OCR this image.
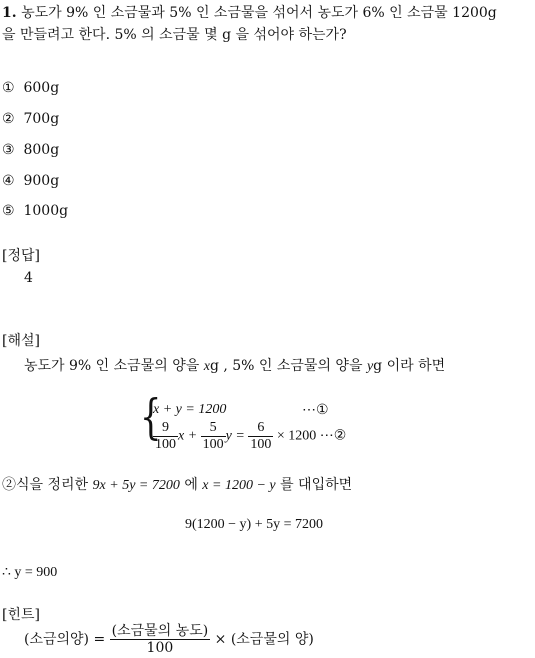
1. 농도가 9% 인 소금물과 5% 인 소금물을 섞어서 농도가 6% 인 소금물 1200g
을 만들려고 한다. 5% 의 소금물 몇 g 을 섞어야 하는가?
① 600g
② 700g
③ 800g
④ 900g
⑤ 1000g
[정답]
4
[해설]
농도가 9% 인 소금물의 양을 xg , 5% 인 소금물의 양을 yg 이라 하면
{
x + y = 1200	⋯①
$\frac{9}{100}$ $x + \frac{5}{100}$ $y = \frac{6}{100} \times 1200$ ⋯②
②식을 정리한 9x + 5y = 7200 에 x = 1200 − y 를 대입하면
9(1200 − y) + 5y = 7200
∴ y = 900
[힌트]
(소금의양) = $\frac{\text{(소금물의 농도)}}{100}$ × (소금물의 양)
